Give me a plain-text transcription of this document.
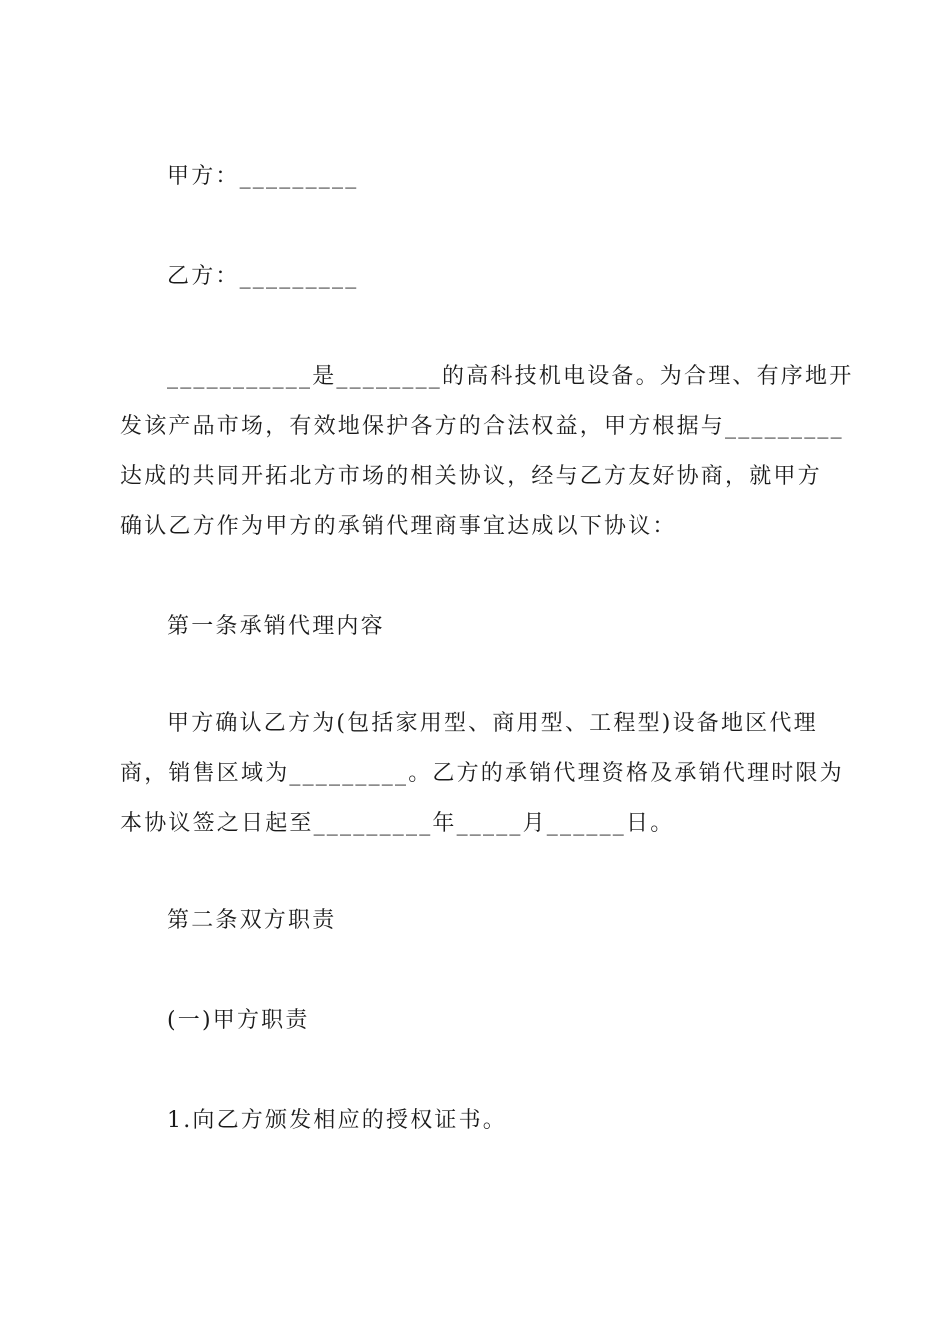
甲方：_________
乙方：_________
___________是________的高科技机电设备。为合理、有序地开
发该产品市场，有效地保护各方的合法权益，甲方根据与_________
达成的共同开拓北方市场的相关协议，经与乙方友好协商，就甲方
确认乙方作为甲方的承销代理商事宜达成以下协议：
第一条承销代理内容
甲方确认乙方为(包括家用型、商用型、工程型)设备地区代理
商，销售区域为_________。乙方的承销代理资格及承销代理时限为
本协议签之日起至_________年_____月______日。
第二条双方职责
(一)甲方职责
1.向乙方颁发相应的授权证书。
